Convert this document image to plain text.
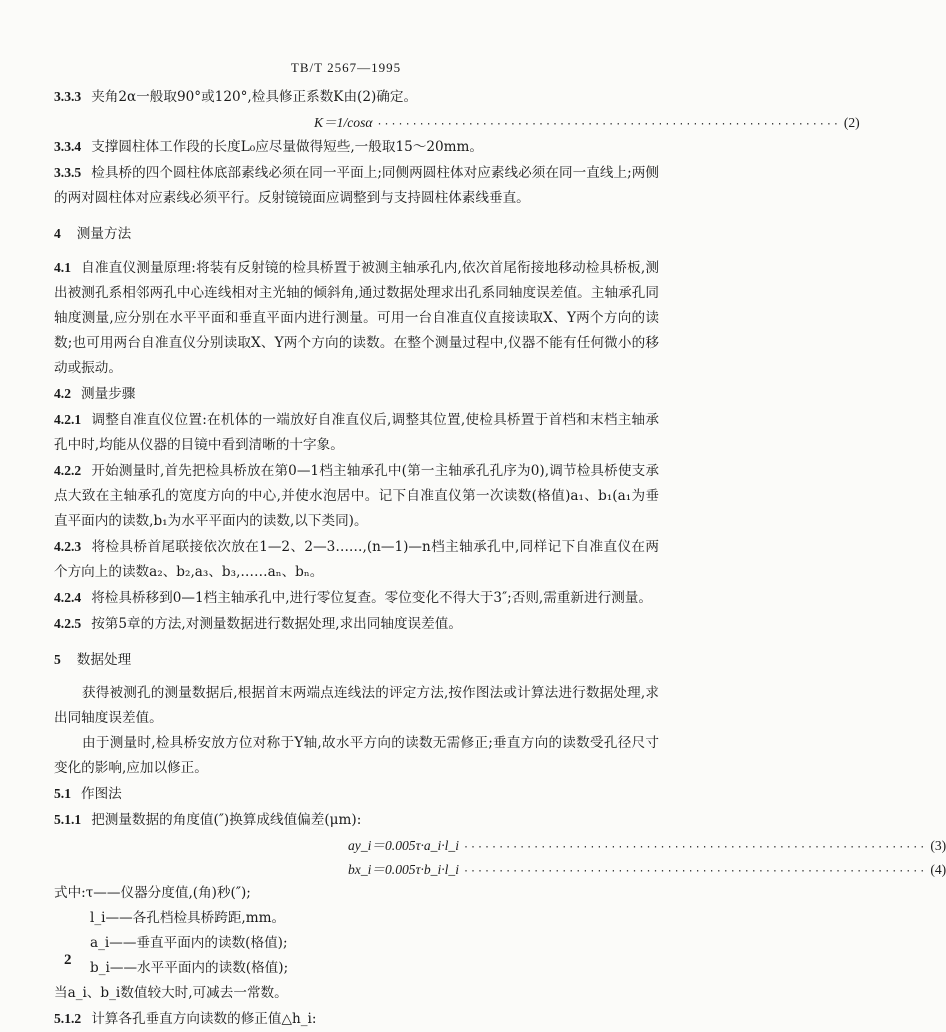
TB/T 2567—1995

3.3.3 夹角2α一般取90°或120°,检具修正系数K由(2)确定。

K＝1/cosα ·································································· (2)

3.3.4 支撑圆柱体工作段的长度L₀应尽量做得短些,一般取15～20mm。

3.3.5 检具桥的四个圆柱体底部素线必须在同一平面上;同侧两圆柱体对应素线必须在同一直线上;两侧的两对圆柱体对应素线必须平行。反射镜镜面应调整到与支持圆柱体素线垂直。

4 测量方法

4.1 自准直仪测量原理:将装有反射镜的检具桥置于被测主轴承孔内,依次首尾衔接地移动检具桥板,测出被测孔系相邻两孔中心连线相对主光轴的倾斜角,通过数据处理求出孔系同轴度误差值。主轴承孔同轴度测量,应分别在水平平面和垂直平面内进行测量。可用一台自准直仪直接读取X、Y两个方向的读数;也可用两台自准直仪分别读取X、Y两个方向的读数。在整个测量过程中,仪器不能有任何微小的移动或振动。

4.2 测量步骤

4.2.1 调整自准直仪位置:在机体的一端放好自准直仪后,调整其位置,使检具桥置于首档和末档主轴承孔中时,均能从仪器的目镜中看到清晰的十字象。

4.2.2 开始测量时,首先把检具桥放在第0—1档主轴承孔中(第一主轴承孔孔序为0),调节检具桥使支承点大致在主轴承孔的宽度方向的中心,并使水泡居中。记下自准直仪第一次读数(格值)a₁、b₁(a₁为垂直平面内的读数,b₁为水平平面内的读数,以下类同)。

4.2.3 将检具桥首尾联接依次放在1—2、2—3……,(n—1)—n档主轴承孔中,同样记下自准直仪在两个方向上的读数a₂、b₂,a₃、b₃,……aₙ、bₙ。

4.2.4 将检具桥移到0—1档主轴承孔中,进行零位复查。零位变化不得大于3″;否则,需重新进行测量。

4.2.5 按第5章的方法,对测量数据进行数据处理,求出同轴度误差值。

5 数据处理

获得被测孔的测量数据后,根据首末两端点连线法的评定方法,按作图法或计算法进行数据处理,求出同轴度误差值。

由于测量时,检具桥安放方位对称于Y轴,故水平方向的读数无需修正;垂直方向的读数受孔径尺寸变化的影响,应加以修正。

5.1 作图法

5.1.1 把测量数据的角度值(″)换算成线值偏差(μm):

ay_i＝0.005τ·a_i·l_i ·································································· (3)
bx_i＝0.005τ·b_i·l_i ·································································· (4)

式中:τ——仪器分度值,(角)秒(″);

l_i——各孔档检具桥跨距,mm。

a_i——垂直平面内的读数(格值);

b_i——水平平面内的读数(格值);

当a_i、b_i数值较大时,可减去一常数。

5.1.2 计算各孔垂直方向读数的修正值△h_i:

2
